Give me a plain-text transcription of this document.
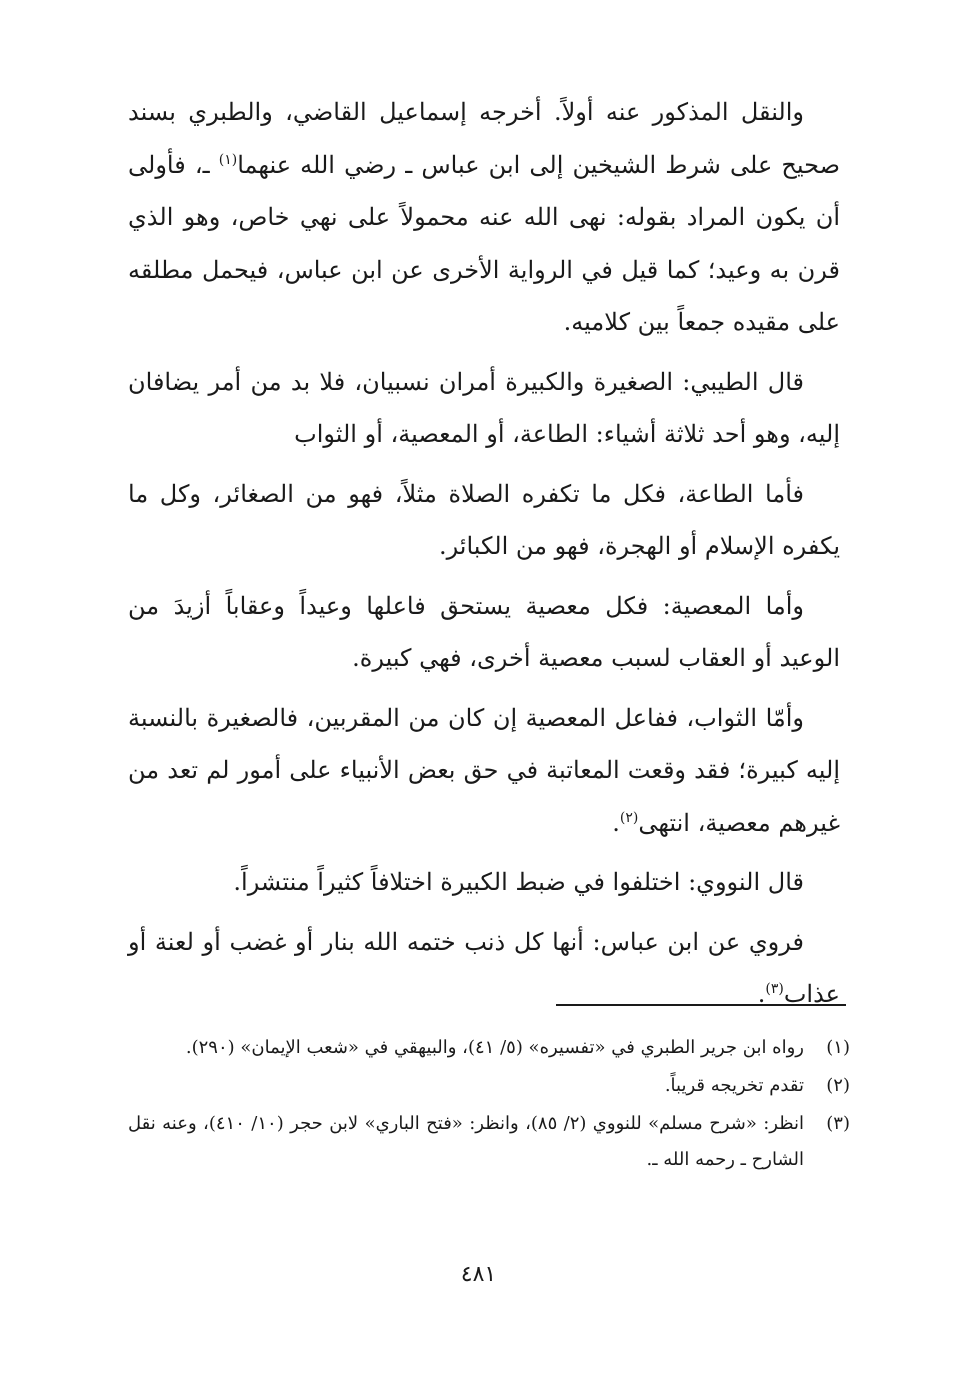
والنقل المذكور عنه أولاً. أخرجه إسماعيل القاضي، والطبري بسند صحيح على شرط الشيخين إلى ابن عباس ـ رضي الله عنهما$^{(١)}$ ـ، فأولى أن يكون المراد بقوله: نهى الله عنه محمولاً على نهي خاص، وهو الذي قرن به وعيد؛ كما قيل في الرواية الأخرى عن ابن عباس، فيحمل مطلقه على مقيده جمعاً بين كلاميه.

قال الطيبي: الصغيرة والكبيرة أمران نسبيان، فلا بد من أمر يضافان إليه، وهو أحد ثلاثة أشياء: الطاعة، أو المعصية، أو الثواب

فأما الطاعة، فكل ما تكفره الصلاة مثلاً، فهو من الصغائر، وكل ما يكفره الإسلام أو الهجرة، فهو من الكبائر.

وأما المعصية: فكل معصية يستحق فاعلها وعيداً وعقاباً أزيدَ من الوعيد أو العقاب لسبب معصية أخرى، فهي كبيرة.

وأمّا الثواب، ففاعل المعصية إن كان من المقربين، فالصغيرة بالنسبة إليه كبيرة؛ فقد وقعت المعاتبة في حق بعض الأنبياء على أمور لم تعد من غيرهم معصية، انتهى$^{(٢)}$.

قال النووي: اختلفوا في ضبط الكبيرة اختلافاً كثيراً منتشراً.

فروي عن ابن عباس: أنها كل ذنب ختمه الله بنار أو غضب أو لعنة أو عذاب$^{(٣)}$.

(١)
رواه ابن جرير الطبري في «تفسيره» (٥/ ٤١)، والبيهقي في «شعب الإيمان» (٢٩٠).
(٢)
تقدم تخريجه قريباً.
(٣)
انظر: «شرح مسلم» للنووي (٢/ ٨٥)، وانظر: «فتح الباري» لابن حجر (١٠/ ٤١٠)، وعنه نقل الشارح ـ رحمه الله ـ.
٤٨١
